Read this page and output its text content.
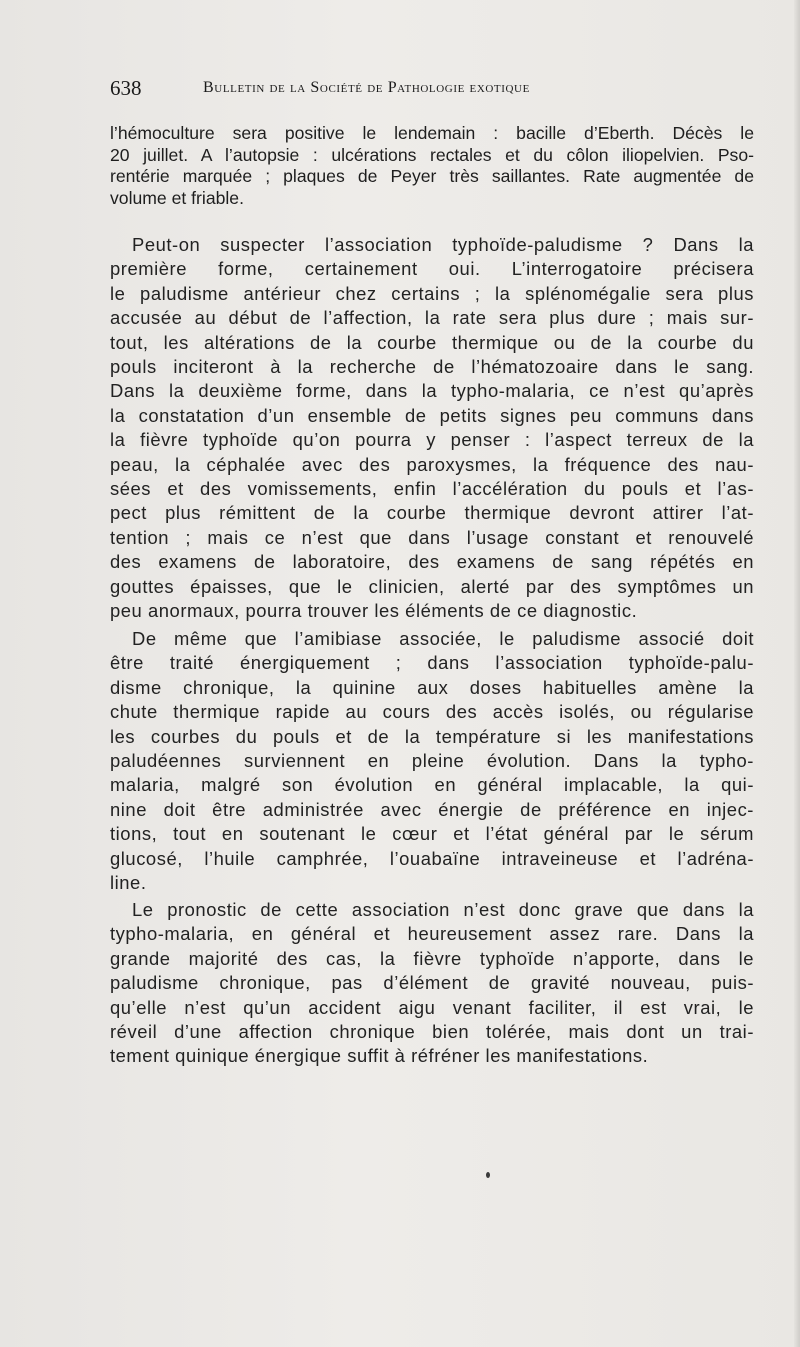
638	Bulletin de la Société de Pathologie exotique
l’hémoculture sera positive le lendemain : bacille d’Eberth. Décès le
20 juillet. A l’autopsie : ulcérations rectales et du côlon iliopelvien. Pso-
rentérie marquée ; plaques de Peyer très saillantes. Rate augmentée de
volume et friable.
Peut-on suspecter l’association typhoïde-paludisme ? Dans la
première forme, certainement oui. L’interrogatoire précisera
le paludisme antérieur chez certains ; la splénomégalie sera plus
accusée au début de l’affection, la rate sera plus dure ; mais sur-
tout, les altérations de la courbe thermique ou de la courbe du
pouls inciteront à la recherche de l’hématozoaire dans le sang.
Dans la deuxième forme, dans la typho-malaria, ce n’est qu’après
la constatation d’un ensemble de petits signes peu communs dans
la fièvre typhoïde qu’on pourra y penser : l’aspect terreux de la
peau, la céphalée avec des paroxysmes, la fréquence des nau-
sées et des vomissements, enfin l’accélération du pouls et l’as-
pect plus rémittent de la courbe thermique devront attirer l’at-
tention ; mais ce n’est que dans l’usage constant et renouvelé
des examens de laboratoire, des examens de sang répétés en
gouttes épaisses, que le clinicien, alerté par des symptômes un
peu anormaux, pourra trouver les éléments de ce diagnostic.
De même que l’amibiase associée, le paludisme associé doit
être traité énergiquement ; dans l’association typhoïde-palu-
disme chronique, la quinine aux doses habituelles amène la
chute thermique rapide au cours des accès isolés, ou régularise
les courbes du pouls et de la température si les manifestations
paludéennes surviennent en pleine évolution. Dans la typho-
malaria, malgré son évolution en général implacable, la qui-
nine doit être administrée avec énergie de préférence en injec-
tions, tout en soutenant le cœur et l’état général par le sérum
glucosé, l’huile camphrée, l’ouabaïne intraveineuse et l’adréna-
line.
Le pronostic de cette association n’est donc grave que dans la
typho-malaria, en général et heureusement assez rare. Dans la
grande majorité des cas, la fièvre typhoïde n’apporte, dans le
paludisme chronique, pas d’élément de gravité nouveau, puis-
qu’elle n’est qu’un accident aigu venant faciliter, il est vrai, le
réveil d’une affection chronique bien tolérée, mais dont un trai-
tement quinique énergique suffit à réfréner les manifestations.
